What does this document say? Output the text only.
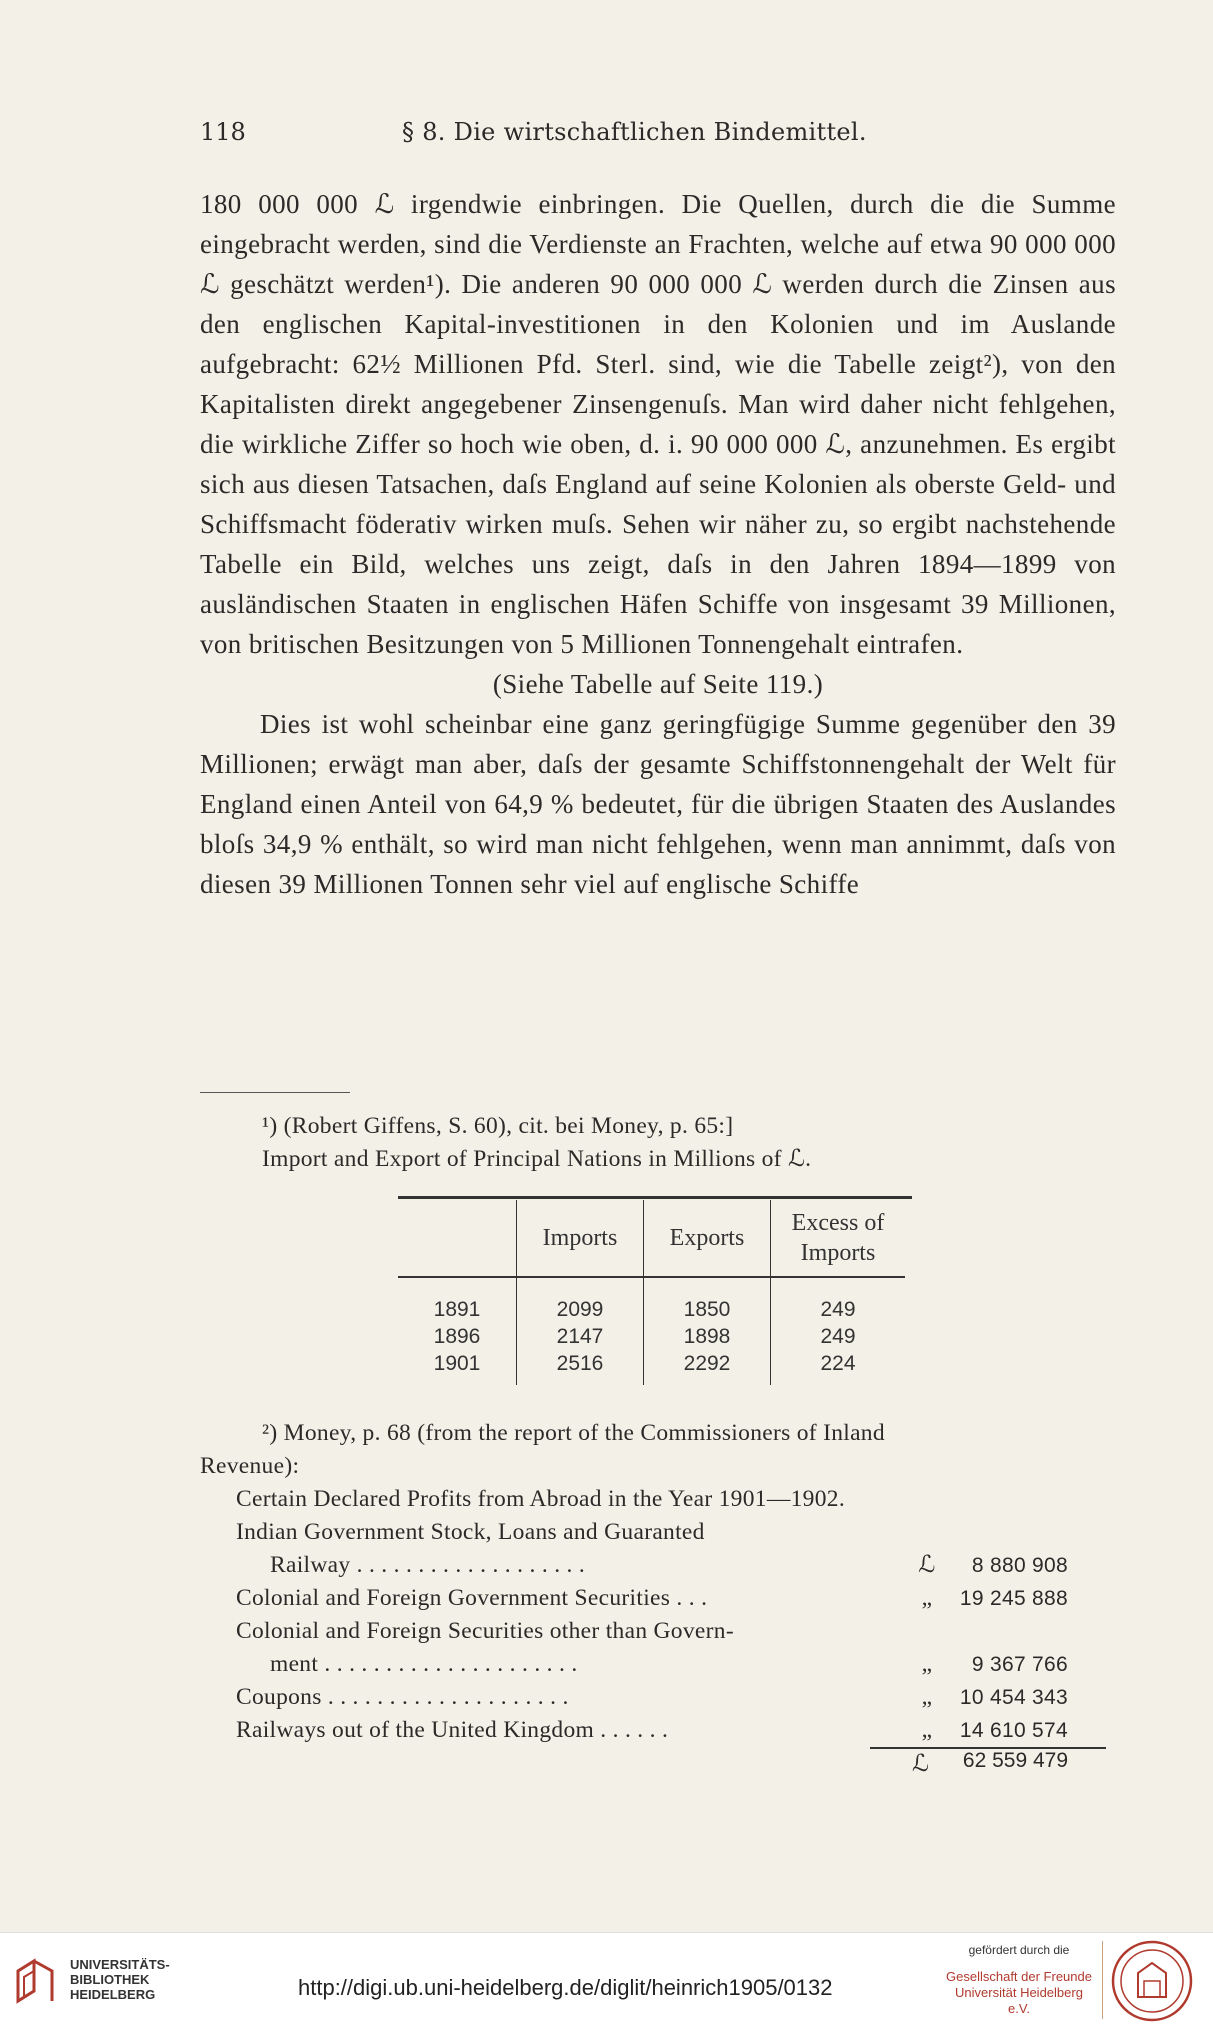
118	§ 8. Die wirtschaftlichen Bindemittel.

180 000 000 ℒ irgendwie einbringen. Die Quellen, durch die die Summe eingebracht werden, sind die Verdienste an Frachten, welche auf etwa 90 000 000 ℒ geschätzt werden¹). Die anderen 90 000 000 ℒ werden durch die Zinsen aus den englischen Kapital-investitionen in den Kolonien und im Auslande aufgebracht: 62½ Millionen Pfd. Sterl. sind, wie die Tabelle zeigt²), von den Kapitalisten direkt angegebener Zinsengenuſs. Man wird daher nicht fehlgehen, die wirkliche Ziffer so hoch wie oben, d. i. 90 000 000 ℒ, anzunehmen. Es ergibt sich aus diesen Tatsachen, daſs England auf seine Kolonien als oberste Geld- und Schiffsmacht föderativ wirken muſs. Sehen wir näher zu, so ergibt nachstehende Tabelle ein Bild, welches uns zeigt, daſs in den Jahren 1894—1899 von ausländischen Staaten in englischen Häfen Schiffe von insgesamt 39 Millionen, von britischen Besitzungen von 5 Millionen Tonnengehalt eintrafen.

(Siehe Tabelle auf Seite 119.)

Dies ist wohl scheinbar eine ganz geringfügige Summe gegenüber den 39 Millionen; erwägt man aber, daſs der gesamte Schiffstonnengehalt der Welt für England einen Anteil von 64,9 % bedeutet, für die übrigen Staaten des Auslandes bloſs 34,9 % enthält, so wird man nicht fehlgehen, wenn man annimmt, daſs von diesen 39 Millionen Tonnen sehr viel auf englische Schiffe

¹) (Robert Giffens, S. 60), cit. bei Money, p. 65:]
Import and Export of Principal Nations in Millions of ℒ.
	Imports	Exports	Excess of Imports
1891	2099	1850	249
1896	2147	1898	249
1901	2516	2292	224
²) Money, p. 68 (from the report of the Commissioners of Inland
Revenue):
Certain Declared Profits from Abroad in the Year 1901—1902.
Indian Government Stock, Loans and Guaranted
Railway . . . . . . . . . . . . . . . . . . .	ℒ	8 880 908
Colonial and Foreign Government Securities . . .	„	19 245 888
Colonial and Foreign Securities other than Govern-
ment . . . . . . . . . . . . . . . . . . . . .	„	9 367 766
Coupons . . . . . . . . . . . . . . . . . . . .	„	10 454 343
Railways out of the United Kingdom . . . . . .	„	14 610 574
ℒ 62 559 479
UNIVERSITÄTS-
BIBLIOTHEK
HEIDELBERG	http://digi.ub.uni-heidelberg.de/diglit/heinrich1905/0132
gefördert durch die
Gesellschaft der Freunde
Universität Heidelberg e.V.
